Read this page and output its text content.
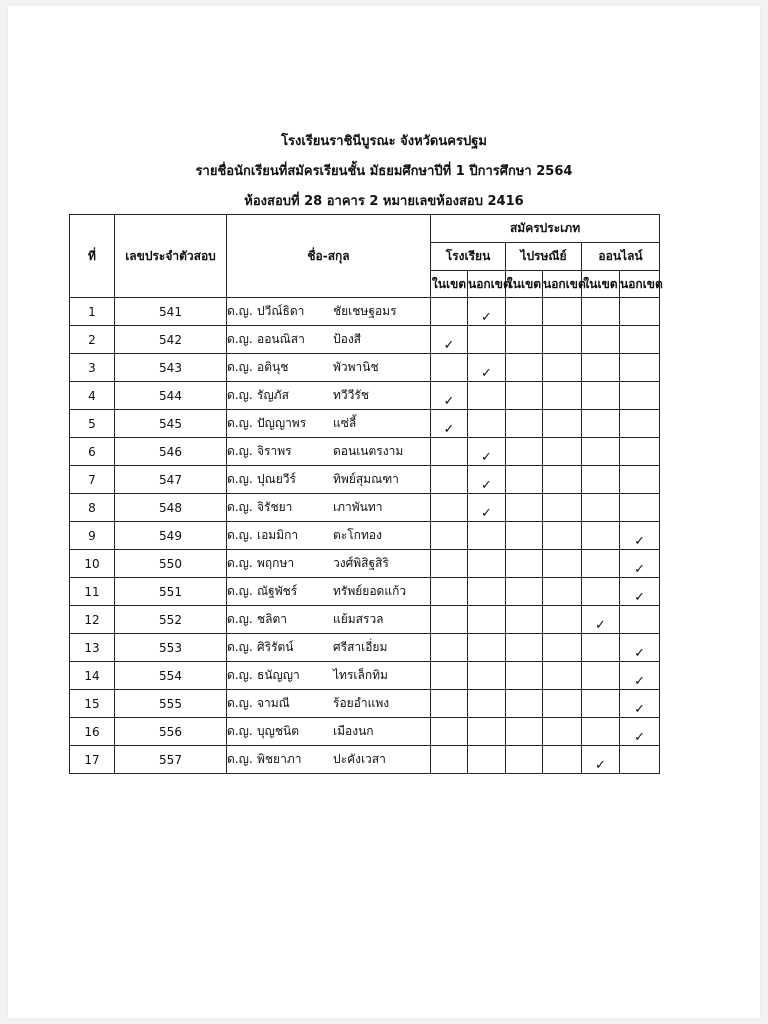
โรงเรียนราชินีบูรณะ จังหวัดนครปฐม
รายชื่อนักเรียนที่สมัครเรียนชั้น มัธยมศึกษาปีที่ 1 ปีการศึกษา 2564
ห้องสอบที่ 28 อาคาร 2 หมายเลขห้องสอบ 2416
ที่	เลขประจำตัวสอบ	ชื่อ-สกุล	สมัครประเภท					
			โรงเรียน		ไปรษณีย์		ออนไลน์	
			ในเขต	นอกเขต	ในเขต	นอกเขต	ในเขต	นอกเขต
1	541	ด.ญ. ปวีณ์ธิดา ชัยเชษฐอมร		✓				
2	542	ด.ญ. ออนณิสา ป้องสี	✓					
3	543	ด.ญ. อตินุช พัวพานิช		✓				
4	544	ด.ญ. รัญภัส ทวีวีรัช	✓					
5	545	ด.ญ. ปัญญาพร แซ่ลี้	✓					
6	546	ด.ญ. จิราพร ดอนเนตรงาม		✓				
7	547	ด.ญ. ปุณยวีร์ ทิพย์สุมณฑา		✓				
8	548	ด.ญ. จิรัชยา เภาพันทา		✓				
9	549	ด.ญ. เอมมิกา ตะโกทอง						✓
10	550	ด.ญ. พฤกษา วงศ์พิสิฐสิริ						✓
11	551	ด.ญ. ณัฐพัชร์ ทรัพย์ยอดแก้ว						✓
12	552	ด.ญ. ชลิตา แย้มสรวล					✓	
13	553	ด.ญ. ศิริรัตน์ ศรีสาเอี่ยม						✓
14	554	ด.ญ. ธนัญญา ไทรเล็กทิม						✓
15	555	ด.ญ. จามณี ร้อยอำแพง						✓
16	556	ด.ญ. บุญชนิต เมืองนก						✓
17	557	ด.ญ. พิชยาภา ปะคังเวสา					✓	
